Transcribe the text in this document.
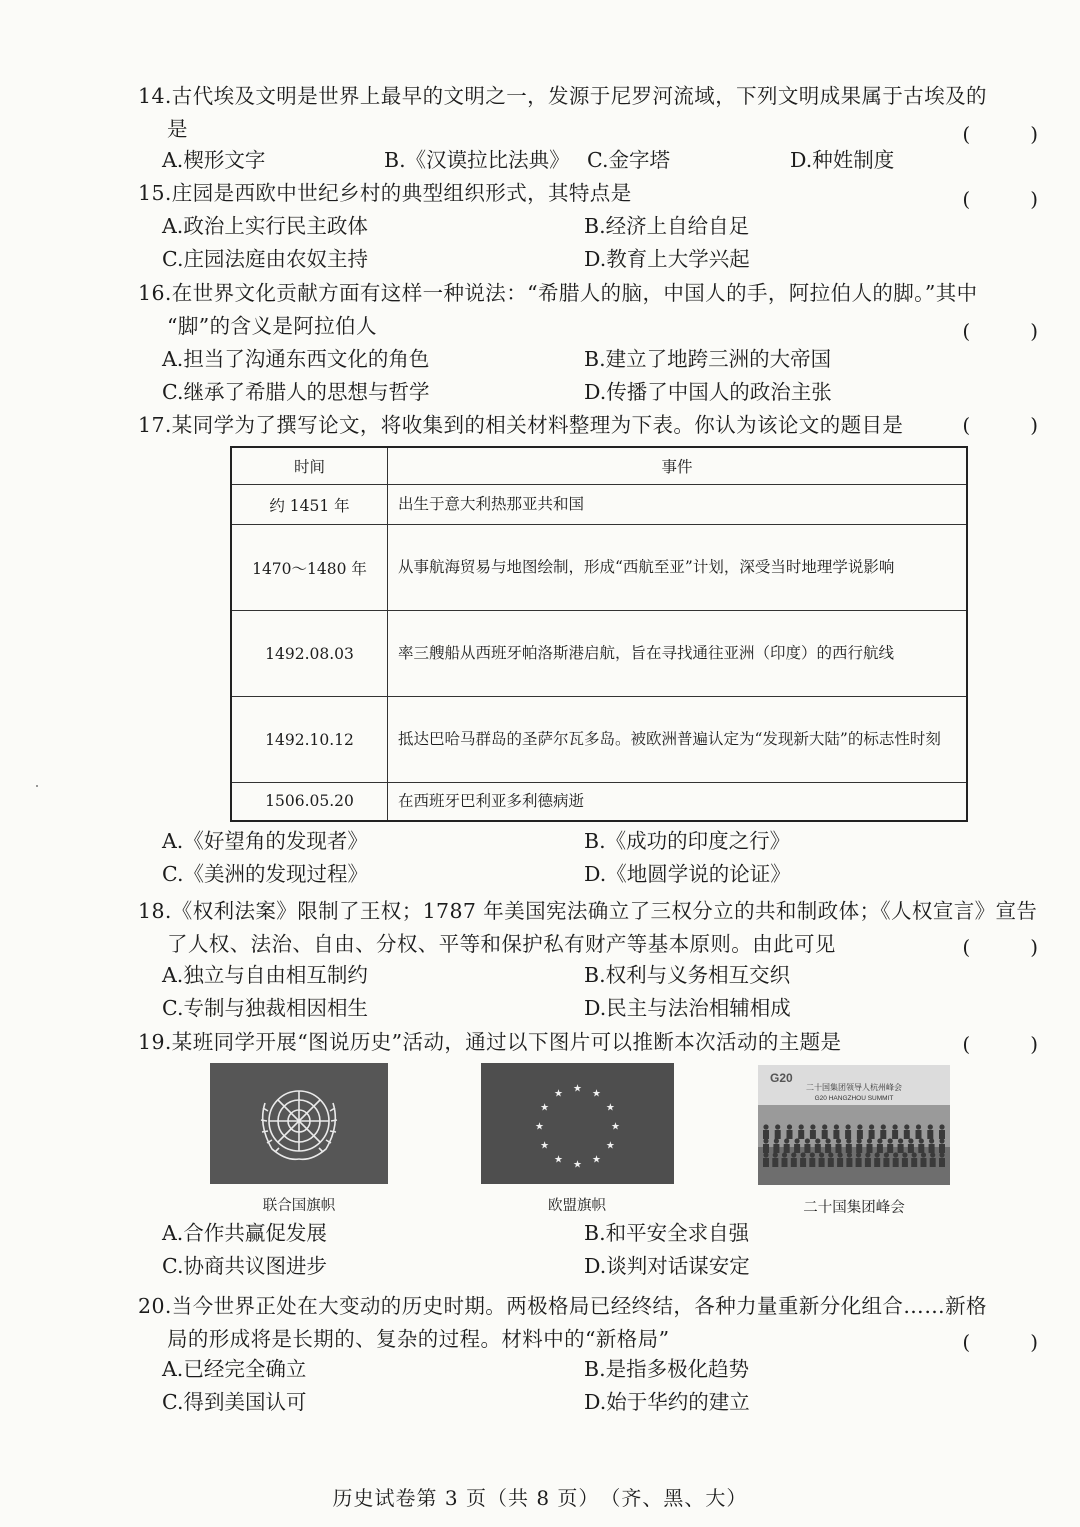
14.古代埃及文明是世界上最早的文明之一，发源于尼罗河流域，下列文明成果属于古埃及的
是	(　　　)
A.楔形文字	B.《汉谟拉比法典》 C.金字塔	D.种姓制度
15.庄园是西欧中世纪乡村的典型组织形式，其特点是	(　　　)
A.政治上实行民主政体	B.经济上自给自足
C.庄园法庭由农奴主持	D.教育上大学兴起
16.在世界文化贡献方面有这样一种说法：“希腊人的脑，中国人的手，阿拉伯人的脚。”其中
“脚”的含义是阿拉伯人	(　　　)
A.担当了沟通东西文化的角色	B.建立了地跨三洲的大帝国
C.继承了希腊人的思想与哲学	D.传播了中国人的政治主张
17.某同学为了撰写论文，将收集到的相关材料整理为下表。你认为该论文的题目是	(　　　)
A.《好望角的发现者》	B.《成功的印度之行》
C.《美洲的发现过程》	D.《地圆学说的论证》
时间	事件
约 1451 年	出生于意大利热那亚共和国
1470～1480 年	从事航海贸易与地图绘制，形成“西航至亚”计划，深受当时地理学说影响
1492.08.03	率三艘船从西班牙帕洛斯港启航，旨在寻找通往亚洲（印度）的西行航线
1492.10.12	抵达巴哈马群岛的圣萨尔瓦多岛。被欧洲普遍认定为“发现新大陆”的标志性时刻
1506.05.20	在西班牙巴利亚多利德病逝
18.《权利法案》限制了王权；1787 年美国宪法确立了三权分立的共和制政体；《人权宣言》宣告
了人权、法治、自由、分权、平等和保护私有财产等基本原则。由此可见	(　　　)
A.独立与自由相互制约	B.权利与义务相互交织
C.专制与独裁相因相生	D.民主与法治相辅相成
19.某班同学开展“图说历史”活动，通过以下图片可以推断本次活动的主题是	(　　　)
A.合作共赢促发展	B.和平安全求自强
C.协商共议图进步	D.谈判对话谋安定
联合国旗帜
★ ★
★
★
★
★
★
★
★
★
★
★
欧盟旗帜
G20
二十国集团领导人杭州峰会
G20 HANGZHOU SUMMIT
二十国集团峰会
20.当今世界正处在大变动的历史时期。两极格局已经终结，各种力量重新分化组合……新格
局的形成将是长期的、复杂的过程。材料中的“新格局”	(　　　)
A.已经完全确立	B.是指多极化趋势
C.得到美国认可	D.始于华约的建立
历史试卷第 3 页（共 8 页）　（齐、黑、大）
